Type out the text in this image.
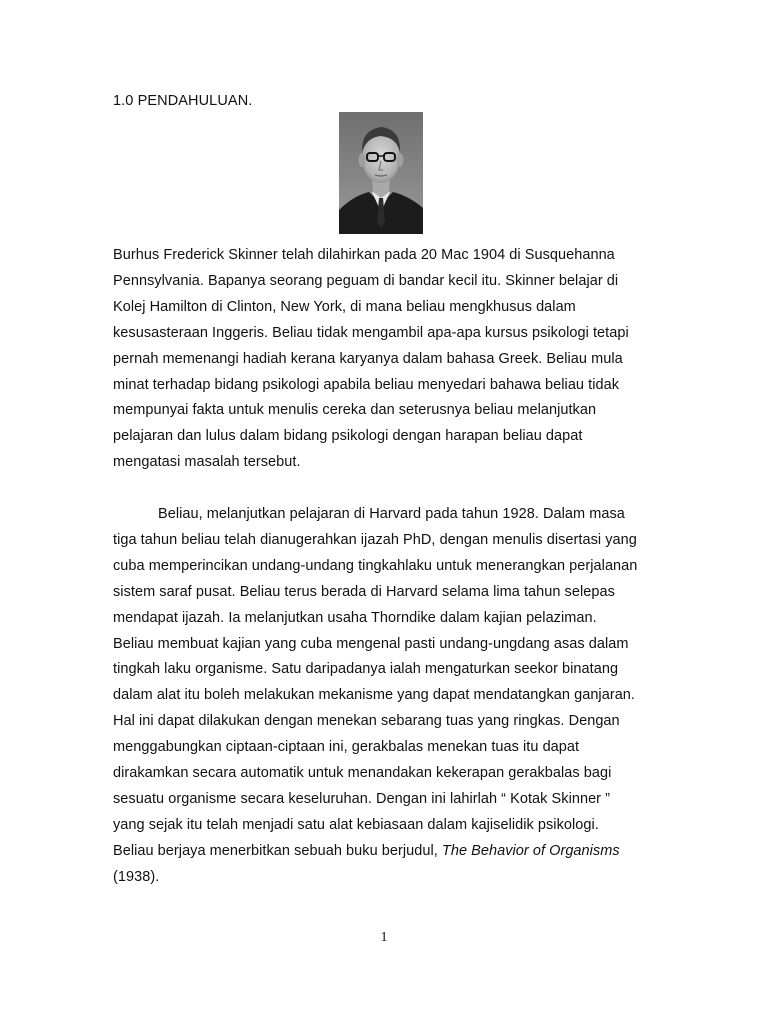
1.0 PENDAHULUAN.
Burhus Frederick Skinner telah dilahirkan pada 20 Mac 1904 di Susquehanna
Pennsylvania. Bapanya seorang peguam di bandar kecil itu. Skinner belajar di
Kolej Hamilton di Clinton, New York, di mana beliau mengkhusus dalam
kesusasteraan Inggeris. Beliau tidak mengambil apa-apa kursus psikologi tetapi
pernah memenangi hadiah kerana karyanya dalam bahasa Greek. Beliau mula
minat terhadap bidang psikologi apabila beliau menyedari bahawa beliau tidak
mempunyai fakta untuk menulis cereka dan seterusnya beliau melanjutkan
pelajaran dan lulus dalam bidang psikologi dengan harapan beliau dapat
mengatasi masalah tersebut.
Beliau, melanjutkan pelajaran di Harvard pada tahun 1928. Dalam masa
tiga tahun beliau telah dianugerahkan ijazah PhD, dengan menulis disertasi yang
cuba memperincikan undang-undang tingkahlaku untuk menerangkan perjalanan
sistem saraf pusat. Beliau terus berada di Harvard selama lima tahun selepas
mendapat ijazah. Ia melanjutkan usaha Thorndike dalam kajian pelaziman.
Beliau membuat kajian yang cuba mengenal pasti undang-ungdang asas dalam
tingkah laku organisme. Satu daripadanya ialah mengaturkan seekor binatang
dalam alat itu boleh melakukan mekanisme yang dapat mendatangkan ganjaran.
Hal ini dapat dilakukan dengan menekan sebarang tuas yang ringkas. Dengan
menggabungkan ciptaan-ciptaan ini, gerakbalas menekan tuas itu dapat
dirakamkan secara automatik untuk menandakan kekerapan gerakbalas bagi
sesuatu organisme secara keseluruhan. Dengan ini lahirlah “ Kotak Skinner ”
yang sejak itu telah menjadi satu alat kebiasaan dalam kajiselidik psikologi.
Beliau berjaya menerbitkan sebuah buku berjudul, The Behavior of Organisms
(1938).
1
